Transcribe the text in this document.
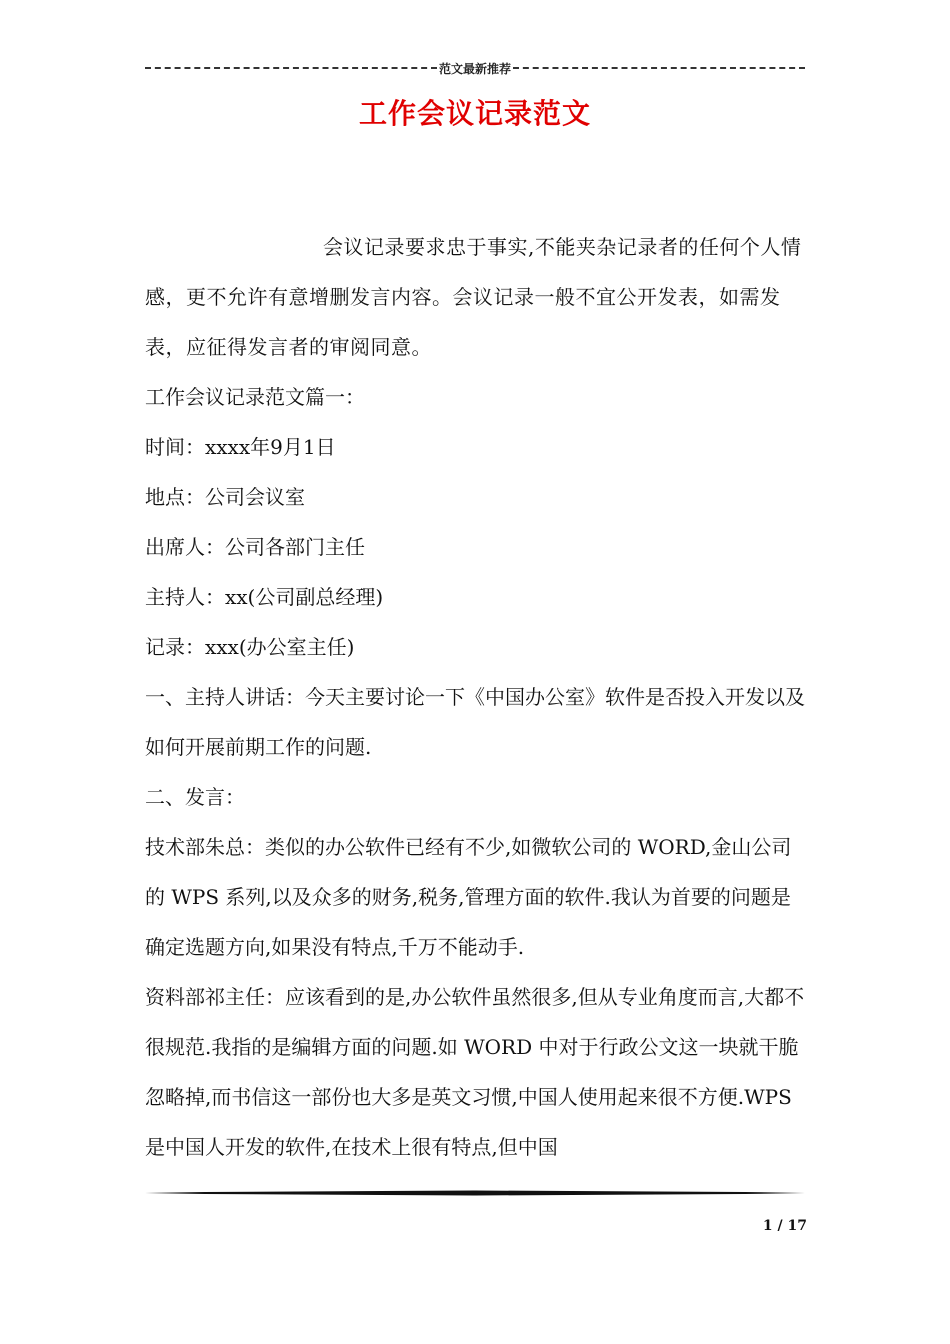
范文最新推荐
工作会议记录范文

会议记录要求忠于事实,不能夹杂记录者的任何个人情感，更不允许有意增删发言内容。会议记录一般不宜公开发表，如需发表，应征得发言者的审阅同意。

工作会议记录范文篇一：

时间：xxxx年9月1日

地点：公司会议室

出席人：公司各部门主任

主持人：xx(公司副总经理)

记录：xxx(办公室主任)

一、主持人讲话：今天主要讨论一下《中国办公室》软件是否投入开发以及如何开展前期工作的问题.

二、发言：

技术部朱总：类似的办公软件已经有不少,如微软公司的 WORD,金山公司的 WPS 系列,以及众多的财务,税务,管理方面的软件.我认为首要的问题是确定选题方向,如果没有特点,千万不能动手.

资料部祁主任：应该看到的是,办公软件虽然很多,但从专业角度而言,大都不很规范.我指的是编辑方面的问题.如 WORD 中对于行政公文这一块就干脆忽略掉,而书信这一部份也大多是英文习惯,中国人使用起来很不方便.WPS 是中国人开发的软件,在技术上很有特点,但中国

1 / 17
